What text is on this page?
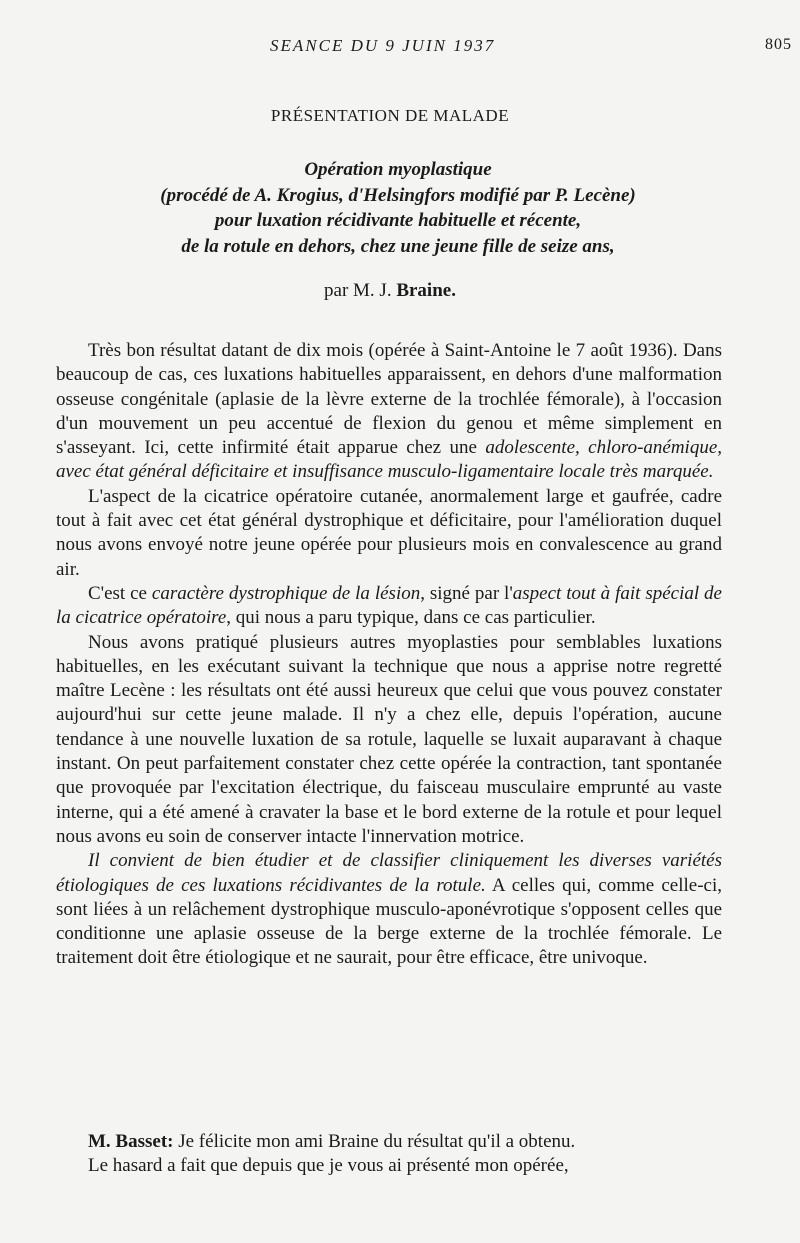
SEANCE DU 9 JUIN 1937	805
PRÉSENTATION DE MALADE
Opération myoplastique
(procédé de A. Krogius, d'Helsingfors modifié par P. Lecène)
pour luxation récidivante habituelle et récente,
de la rotule en dehors, chez une jeune fille de seize ans,
par M. J. Braine.

Très bon résultat datant de dix mois (opérée à Saint-Antoine le 7 août 1936). Dans beaucoup de cas, ces luxations habituelles apparaissent, en dehors d'une malformation osseuse congénitale (aplasie de la lèvre externe de la trochlée fémorale), à l'occasion d'un mouvement un peu accentué de flexion du genou et même simplement en s'asseyant. Ici, cette infirmité était apparue chez une adolescente, chloro-anémique, avec état général déficitaire et insuffisance musculo-ligamentaire locale très marquée.

L'aspect de la cicatrice opératoire cutanée, anormalement large et gaufrée, cadre tout à fait avec cet état général dystrophique et déficitaire, pour l'amélioration duquel nous avons envoyé notre jeune opérée pour plusieurs mois en convalescence au grand air.

C'est ce caractère dystrophique de la lésion, signé par l'aspect tout à fait spécial de la cicatrice opératoire, qui nous a paru typique, dans ce cas particulier.

Nous avons pratiqué plusieurs autres myoplasties pour semblables luxations habituelles, en les exécutant suivant la technique que nous a apprise notre regretté maître Lecène : les résultats ont été aussi heureux que celui que vous pouvez constater aujourd'hui sur cette jeune malade. Il n'y a chez elle, depuis l'opération, aucune tendance à une nouvelle luxation de sa rotule, laquelle se luxait auparavant à chaque instant. On peut parfaitement constater chez cette opérée la contraction, tant spontanée que provoquée par l'excitation électrique, du faisceau musculaire emprunté au vaste interne, qui a été amené à cravater la base et le bord externe de la rotule et pour lequel nous avons eu soin de conserver intacte l'innervation motrice.

Il convient de bien étudier et de classifier cliniquement les diverses variétés étiologiques de ces luxations récidivantes de la rotule. A celles qui, comme celle-ci, sont liées à un relâchement dystrophique musculo-aponévrotique s'opposent celles que conditionne une aplasie osseuse de la berge externe de la trochlée fémorale. Le traitement doit être étiologique et ne saurait, pour être efficace, être univoque.

M. Basset: Je félicite mon ami Braine du résultat qu'il a obtenu.

Le hasard a fait que depuis que je vous ai présenté mon opérée,
